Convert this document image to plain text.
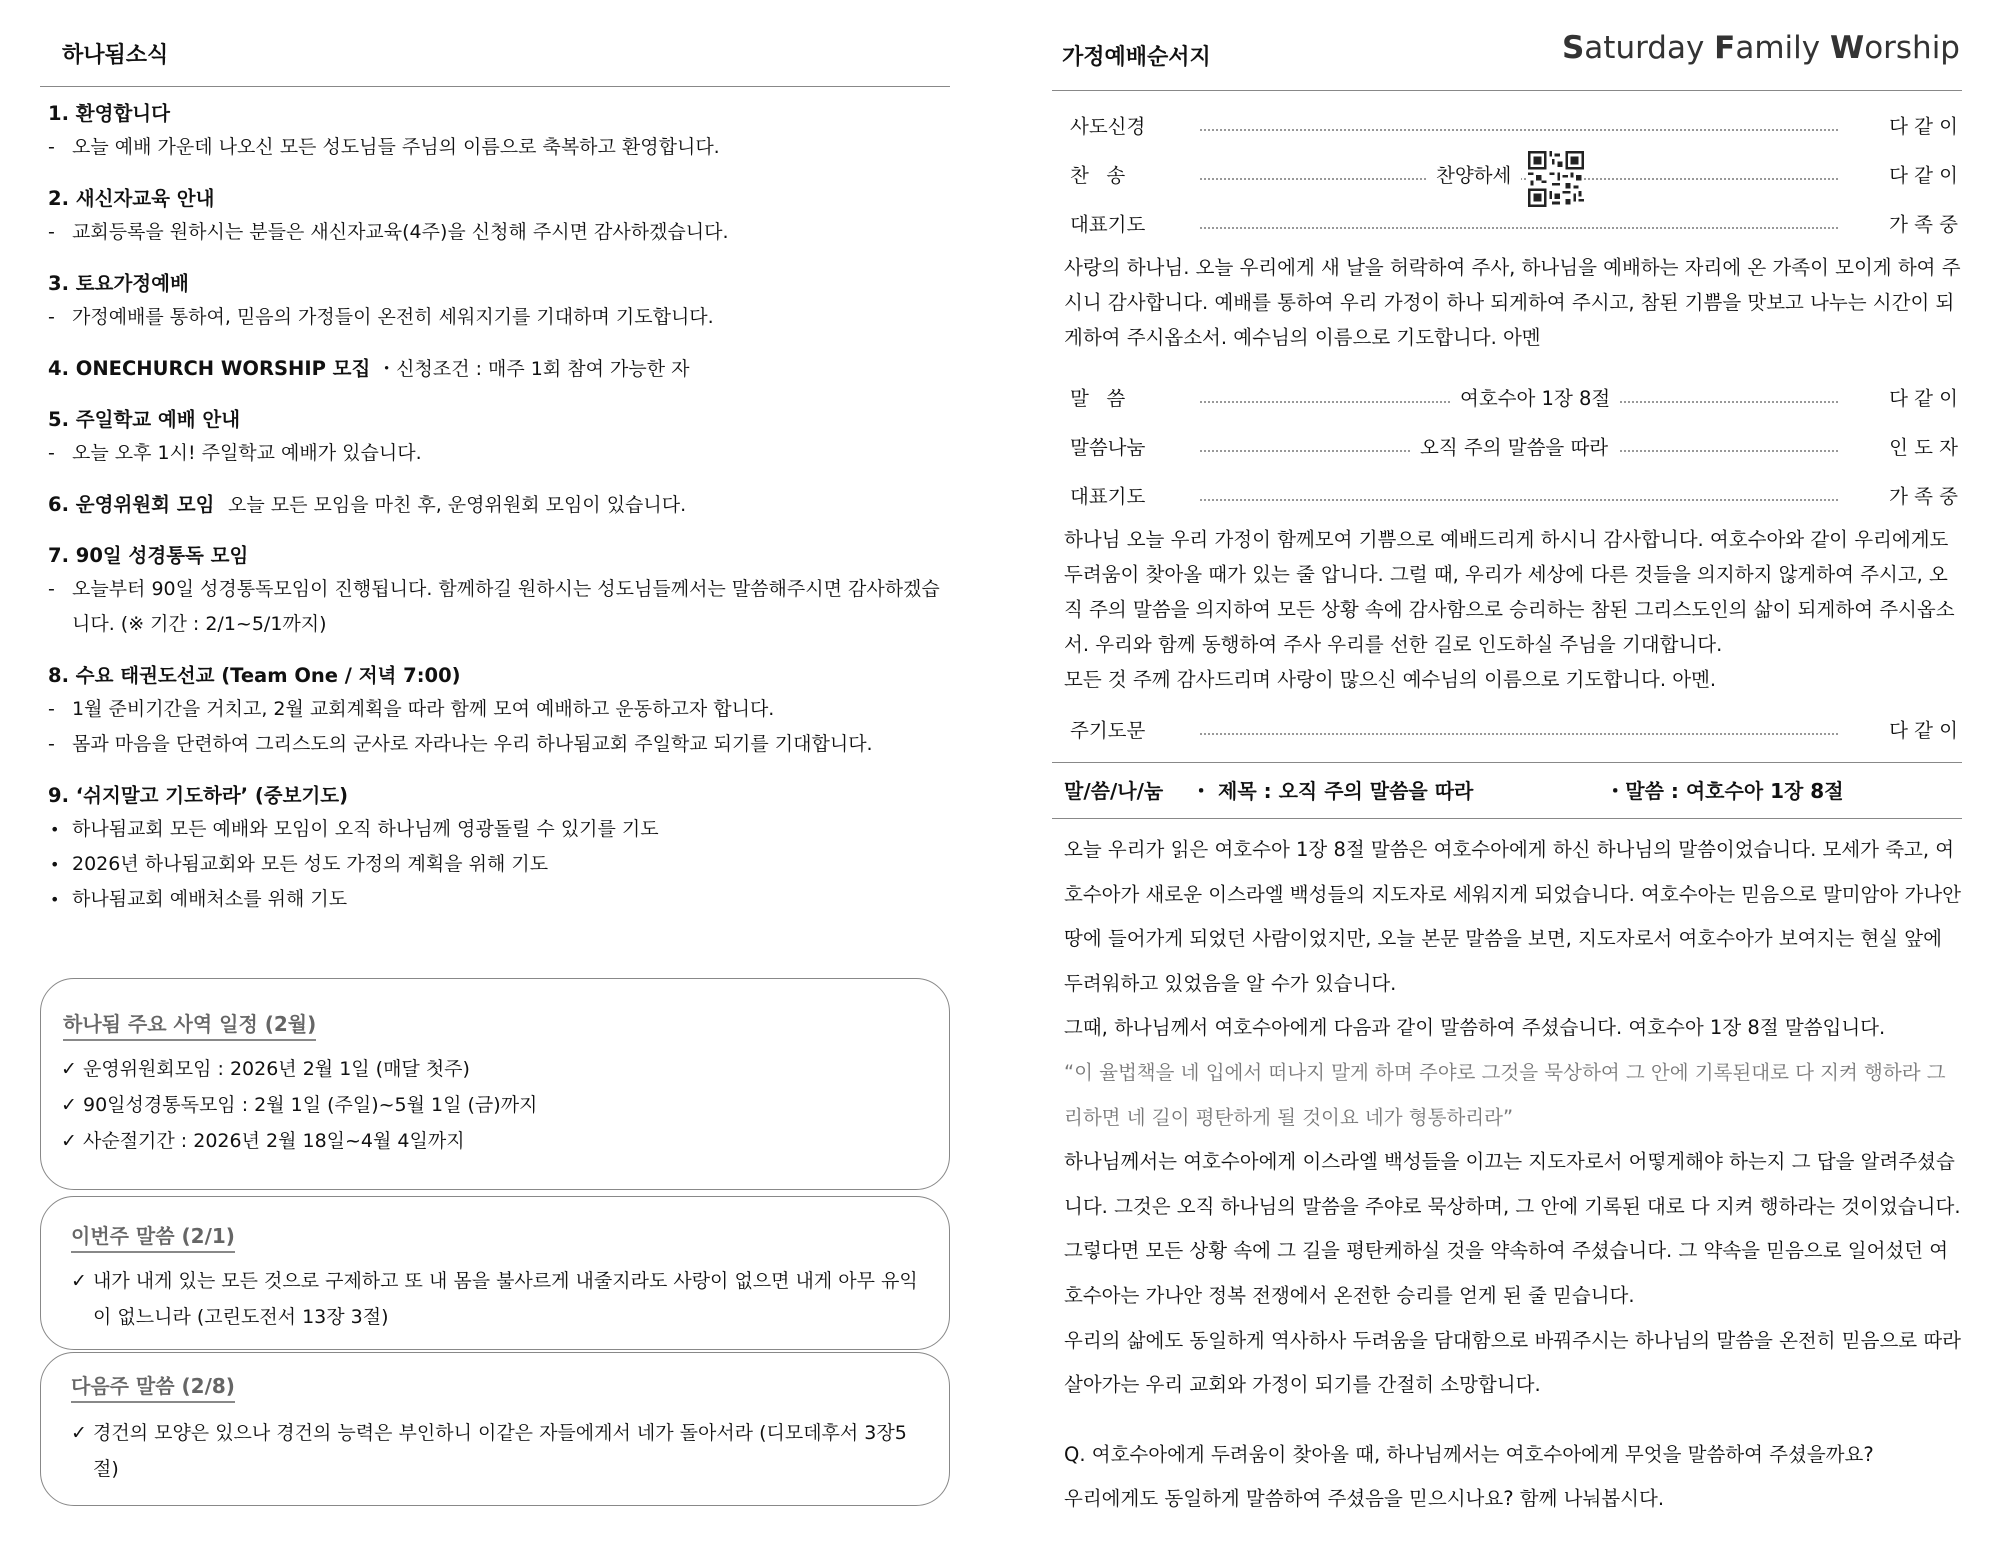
하나됨소식
1. 환영합니다
- 오늘 예배 가운데 나오신 모든 성도님들 주님의 이름으로 축복하고 환영합니다.
2. 새신자교육 안내
- 교회등록을 원하시는 분들은 새신자교육(4주)을 신청해 주시면 감사하겠습니다.
3. 토요가정예배
- 가정예배를 통하여, 믿음의 가정들이 온전히 세워지기를 기대하며 기도합니다.
4. ONECHURCH WORSHIP 모집 ・신청조건 : 매주 1회 참여 가능한 자
5. 주일학교 예배 안내
- 오늘 오후 1시! 주일학교 예배가 있습니다.
6. 운영위원회 모임 오늘 모든 모임을 마친 후, 운영위원회 모임이 있습니다.
7. 90일 성경통독 모임
- 오늘부터 90일 성경통독모임이 진행됩니다. 함께하길 원하시는 성도님들께서는 말씀해주시면 감사하겠습니다. (※ 기간 : 2/1~5/1까지)
8. 수요 태권도선교 (Team One / 저녁 7:00)
- 1월 준비기간을 거치고, 2월 교회계획을 따라 함께 모여 예배하고 운동하고자 합니다.
- 몸과 마음을 단련하여 그리스도의 군사로 자라나는 우리 하나됨교회 주일학교 되기를 기대합니다.
9. ‘쉬지말고 기도하라’ (중보기도)
• 하나됨교회 모든 예배와 모임이 오직 하나님께 영광돌릴 수 있기를 기도
• 2026년 하나됨교회와 모든 성도 가정의 계획을 위해 기도
• 하나됨교회 예배처소를 위해 기도
하나됨 주요 사역 일정 (2월)
✓ 운영위원회모임 : 2026년 2월 1일 (매달 첫주)
✓ 90일성경통독모임 : 2월 1일 (주일)~5월 1일 (금)까지
✓ 사순절기간 : 2026년 2월 18일~4월 4일까지
이번주 말씀 (2/1)
✓ 내가 내게 있는 모든 것으로 구제하고 또 내 몸을 불사르게 내줄지라도 사랑이 없으면 내게 아무 유익이 없느니라 (고린도전서 13장 3절)
다음주 말씀 (2/8)
✓ 경건의 모양은 있으나 경건의 능력은 부인하니 이같은 자들에게서 네가 돌아서라 (디모데후서 3장5절)
가정예배순서지	Saturday Family Worship
사도신경	다 같 이
찬송	찬양하세	다 같 이
대표기도	가 족 중
사랑의 하나님. 오늘 우리에게 새 날을 허락하여 주사, 하나님을 예배하는 자리에 온 가족이 모이게 하여 주시니 감사합니다. 예배를 통하여 우리 가정이 하나 되게하여 주시고, 참된 기쁨을 맛보고 나누는 시간이 되게하여 주시옵소서. 예수님의 이름으로 기도합니다. 아멘
말씀	여호수아 1장 8절	다 같 이
말씀나눔	오직 주의 말씀을 따라	인 도 자
대표기도	가 족 중
하나님 오늘 우리 가정이 함께모여 기쁨으로 예배드리게 하시니 감사합니다. 여호수아와 같이 우리에게도 두려움이 찾아올 때가 있는 줄 압니다. 그럴 때, 우리가 세상에 다른 것들을 의지하지 않게하여 주시고, 오직 주의 말씀을 의지하여 모든 상황 속에 감사함으로 승리하는 참된 그리스도인의 삶이 되게하여 주시옵소서. 우리와 함께 동행하여 주사 우리를 선한 길로 인도하실 주님을 기대합니다.
모든 것 주께 감사드리며 사랑이 많으신 예수님의 이름으로 기도합니다. 아멘.
주기도문	다 같 이
말/씀/나/눔 ・ 제목 : 오직 주의 말씀을 따라	・말씀 : 여호수아 1장 8절

오늘 우리가 읽은 여호수아 1장 8절 말씀은 여호수아에게 하신 하나님의 말씀이었습니다. 모세가 죽고, 여호수아가 새로운 이스라엘 백성들의 지도자로 세워지게 되었습니다. 여호수아는 믿음으로 말미암아 가나안 땅에 들어가게 되었던 사람이었지만, 오늘 본문 말씀을 보면, 지도자로서 여호수아가 보여지는 현실 앞에 두려워하고 있었음을 알 수가 있습니다.

그때, 하나님께서 여호수아에게 다음과 같이 말씀하여 주셨습니다. 여호수아 1장 8절 말씀입니다.

“이 율법책을 네 입에서 떠나지 말게 하며 주야로 그것을 묵상하여 그 안에 기록된대로 다 지켜 행하라 그리하면 네 길이 평탄하게 될 것이요 네가 형통하리라”

하나님께서는 여호수아에게 이스라엘 백성들을 이끄는 지도자로서 어떻게해야 하는지 그 답을 알려주셨습니다. 그것은 오직 하나님의 말씀을 주야로 묵상하며, 그 안에 기록된 대로 다 지켜 행하라는 것이었습니다. 그렇다면 모든 상황 속에 그 길을 평탄케하실 것을 약속하여 주셨습니다. 그 약속을 믿음으로 일어섰던 여호수아는 가나안 정복 전쟁에서 온전한 승리를 얻게 된 줄 믿습니다.

우리의 삶에도 동일하게 역사하사 두려움을 담대함으로 바꿔주시는 하나님의 말씀을 온전히 믿음으로 따라 살아가는 우리 교회와 가정이 되기를 간절히 소망합니다.

Q. 여호수아에게 두려움이 찾아올 때, 하나님께서는 여호수아에게 무엇을 말씀하여 주셨을까요?
우리에게도 동일하게 말씀하여 주셨음을 믿으시나요? 함께 나눠봅시다.
